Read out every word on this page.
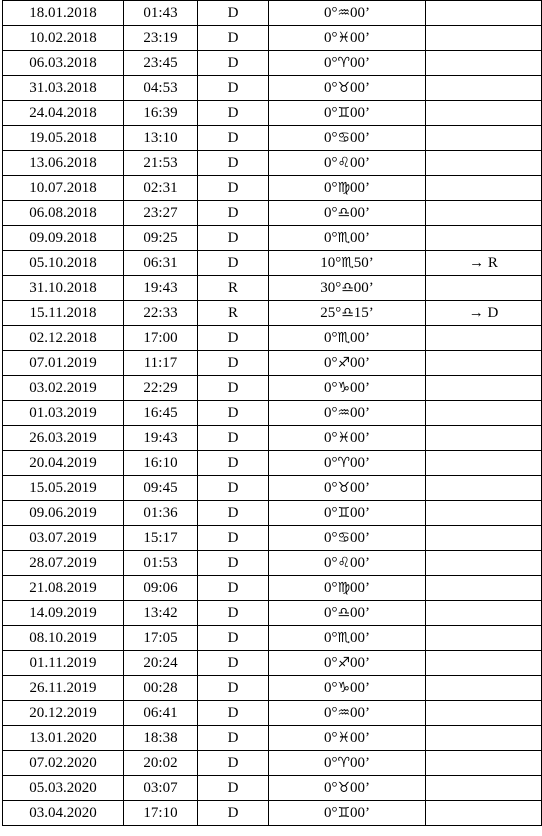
18.01.2018	01:43	D	0°♒00’	
10.02.2018	23:19	D	0°♓00’	
06.03.2018	23:45	D	0°♈00’	
31.03.2018	04:53	D	0°♉00’	
24.04.2018	16:39	D	0°♊00’	
19.05.2018	13:10	D	0°♋00’	
13.06.2018	21:53	D	0°♌00’	
10.07.2018	02:31	D	0°♍00’	
06.08.2018	23:27	D	0°♎00’	
09.09.2018	09:25	D	0°♏00’	
05.10.2018	06:31	D	10°♏50’	→ R
31.10.2018	19:43	R	30°♎00’	
15.11.2018	22:33	R	25°♎15’	→ D
02.12.2018	17:00	D	0°♏00’	
07.01.2019	11:17	D	0°♐00’	
03.02.2019	22:29	D	0°♑00’	
01.03.2019	16:45	D	0°♒00’	
26.03.2019	19:43	D	0°♓00’	
20.04.2019	16:10	D	0°♈00’	
15.05.2019	09:45	D	0°♉00’	
09.06.2019	01:36	D	0°♊00’	
03.07.2019	15:17	D	0°♋00’	
28.07.2019	01:53	D	0°♌00’	
21.08.2019	09:06	D	0°♍00’	
14.09.2019	13:42	D	0°♎00’	
08.10.2019	17:05	D	0°♏00’	
01.11.2019	20:24	D	0°♐00’	
26.11.2019	00:28	D	0°♑00’	
20.12.2019	06:41	D	0°♒00’	
13.01.2020	18:38	D	0°♓00’	
07.02.2020	20:02	D	0°♈00’	
05.03.2020	03:07	D	0°♉00’	
03.04.2020	17:10	D	0°♊00’	
